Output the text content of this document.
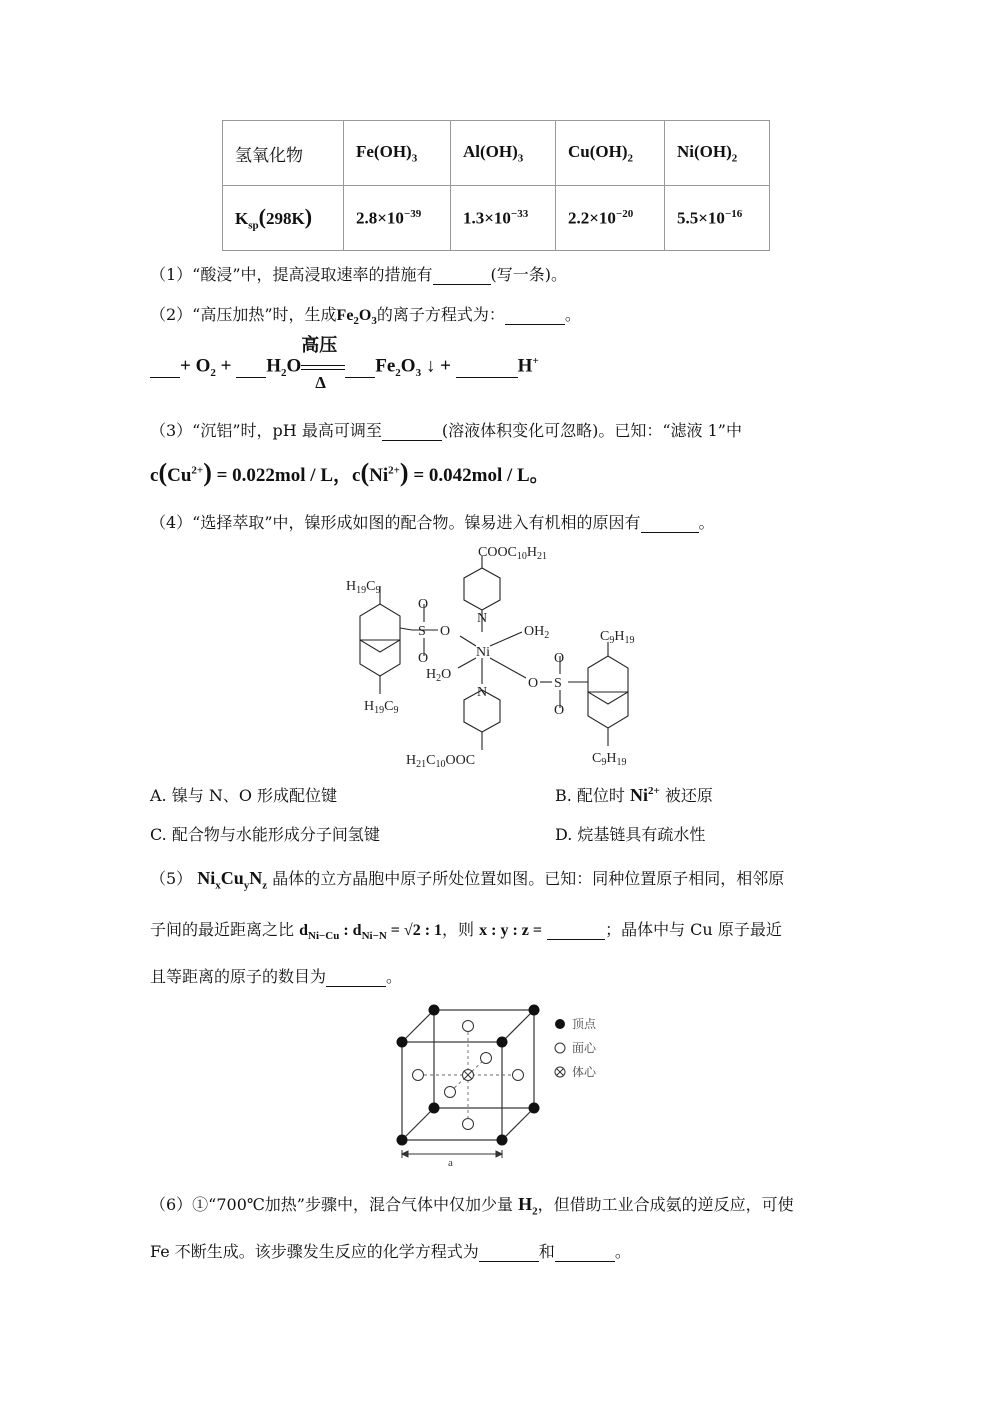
氢氧化物	$Fe(OH)_3$	$Al(OH)_3$	$Cu(OH)_2$	$Ni(OH)_2$
$K_{sp}(298K)$	$2.8\times 10^{-39}$	$1.3\times 10^{-33}$	$2.2\times 10^{-20}$	$5.5\times 10^{-16}$
（1）“酸浸”中，提高浸取速率的措施有	(写一条)。
（2）“高压加热”时，生成$Fe_2O_3$的离子方程式为：	。
+ $O_2 + H_2O$
高压
Δ
$Fe_2O_3$ ↓ +	H+
（3）“沉铝”时，pH 最高可调至	(溶液体积变化可忽略)。已知：“滤液 1”中
$c(Cu^{2+}) = 0.022mol / L$，$c(Ni^{2+}) = 0.042mol / L$。
（4）“选择萃取”中，镍形成如图的配合物。镍易进入有机相的原因有	。
$COOC_{10}H_{21}$
$H_{19}C_9$
O
S O
O
N
Ni
$OH_2$
$H_2O$
N
O
O
S
O
$C_9H_{19}$
$H_{19}C_9$
$H_{21}C_{10}OOC$	$C_9H_{19}$
A. 镍与 N、O 形成配位键	B. 配位时 $Ni^{2+}$ 被还原
C. 配合物与水能形成分子间氢键	D. 烷基链具有疏水性
（5） $Ni_xCu_yN_z$ 晶体的立方晶胞中原子所处位置如图。已知：同种位置原子相同，相邻原
子间的最近距离之比 $d_{Ni-Cu}$ : $d_{Ni-N} = √2$ : 1，则 x : y : z =	；晶体中与 Cu 原子最近
且等距离的原子的数目为	。
a
顶点
面心
体心
（6）①“700℃加热”步骤中，混合气体中仅加少量 $H_2$，但借助工业合成氨的逆反应，可使
Fe 不断生成。该步骤发生反应的化学方程式为	和	。
